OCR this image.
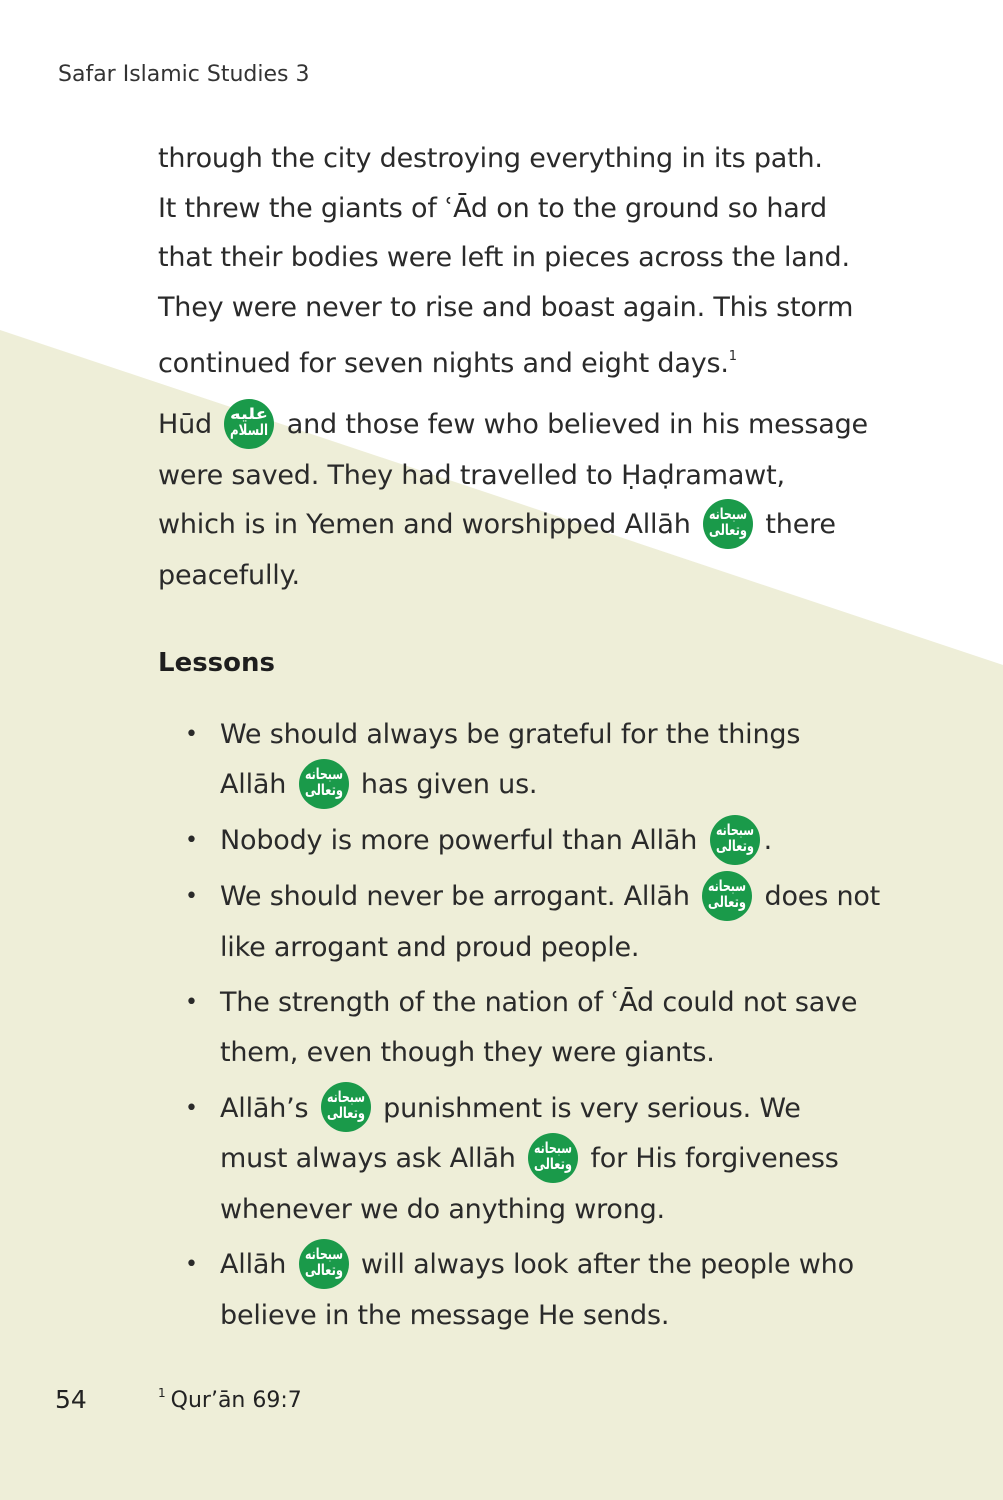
Safar Islamic Studies 3
through the city destroying everything in its path.
It threw the giants of ʿĀd on to the ground so hard
that their bodies were left in pieces across the land.
They were never to rise and boast again. This storm
continued for seven nights and eight days.$^1$
Hūd عليه
السلام and those few who believed in his message
were saved. They had travelled to Ḥaḍramawt,
which is in Yemen and worshipped Allāh سبحانه
وتعالى there
peacefully.
Lessons
• We should always be grateful for the things
Allāh سبحانه
وتعالى has given us.
• Nobody is more powerful than Allāh سبحانه
وتعالى .
• We should never be arrogant. Allāh سبحانه
وتعالى does not
like arrogant and proud people.
• The strength of the nation of ʿĀd could not save
them, even though they were giants.
• Allāh’s سبحانه
وتعالى punishment is very serious. We
must always ask Allāh سبحانه
وتعالى for His forgiveness
whenever we do anything wrong.
• Allāh سبحانه
وتعالى will always look after the people who
believe in the message He sends.
54	$^1$ Qur’ān 69:7
